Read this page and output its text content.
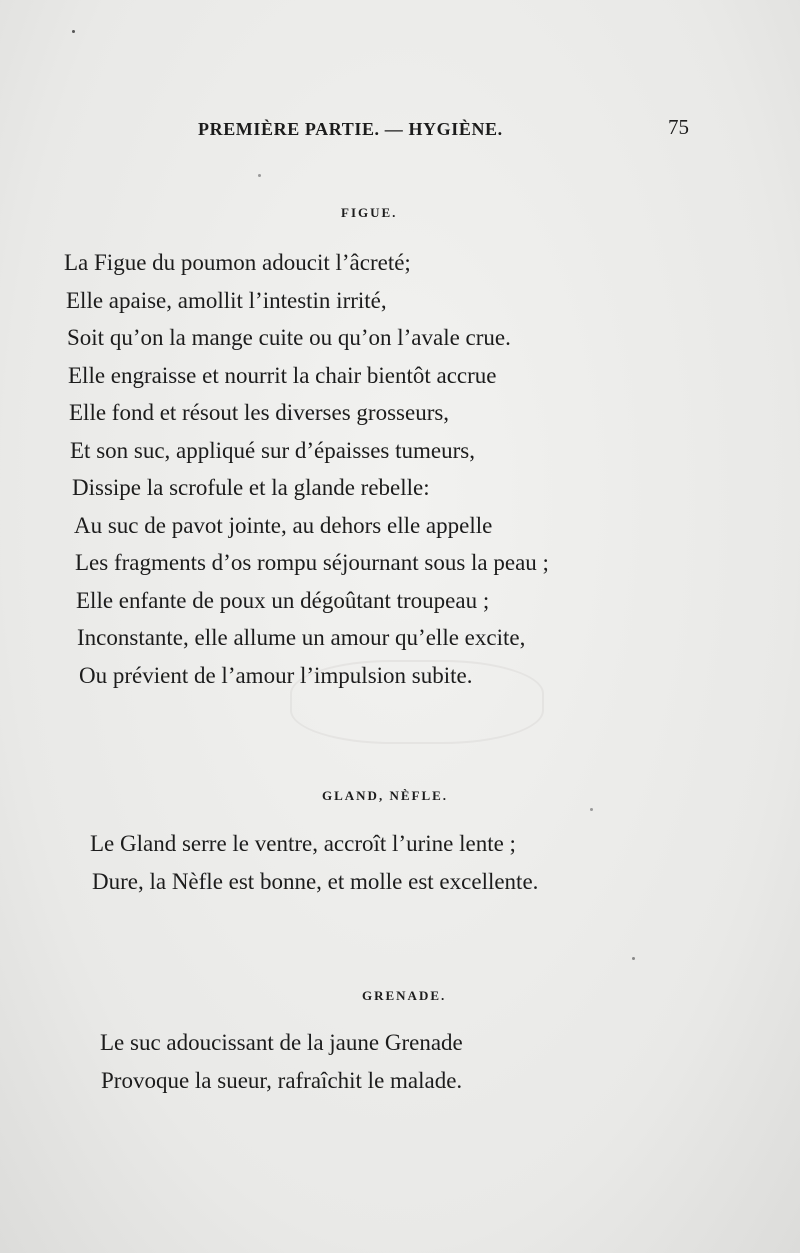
PREMIÈRE PARTIE. — HYGIÈNE.	75
FIGUE.
La Figue du poumon adoucit l’âcreté;
Elle apaise, amollit l’intestin irrité,
Soit qu’on la mange cuite ou qu’on l’avale crue.
Elle engraisse et nourrit la chair bientôt accrue
Elle fond et résout les diverses grosseurs,
Et son suc, appliqué sur d’épaisses tumeurs,
Dissipe la scrofule et la glande rebelle:
Au suc de pavot jointe, au dehors elle appelle
Les fragments d’os rompu séjournant sous la peau ;
Elle enfante de poux un dégoûtant troupeau ;
Inconstante, elle allume un amour qu’elle excite,
Ou prévient de l’amour l’impulsion subite.
GLAND, NÈFLE.
Le Gland serre le ventre, accroît l’urine lente ;
Dure, la Nèfle est bonne, et molle est excellente.
GRENADE.
Le suc adoucissant de la jaune Grenade
Provoque la sueur, rafraîchit le malade.
